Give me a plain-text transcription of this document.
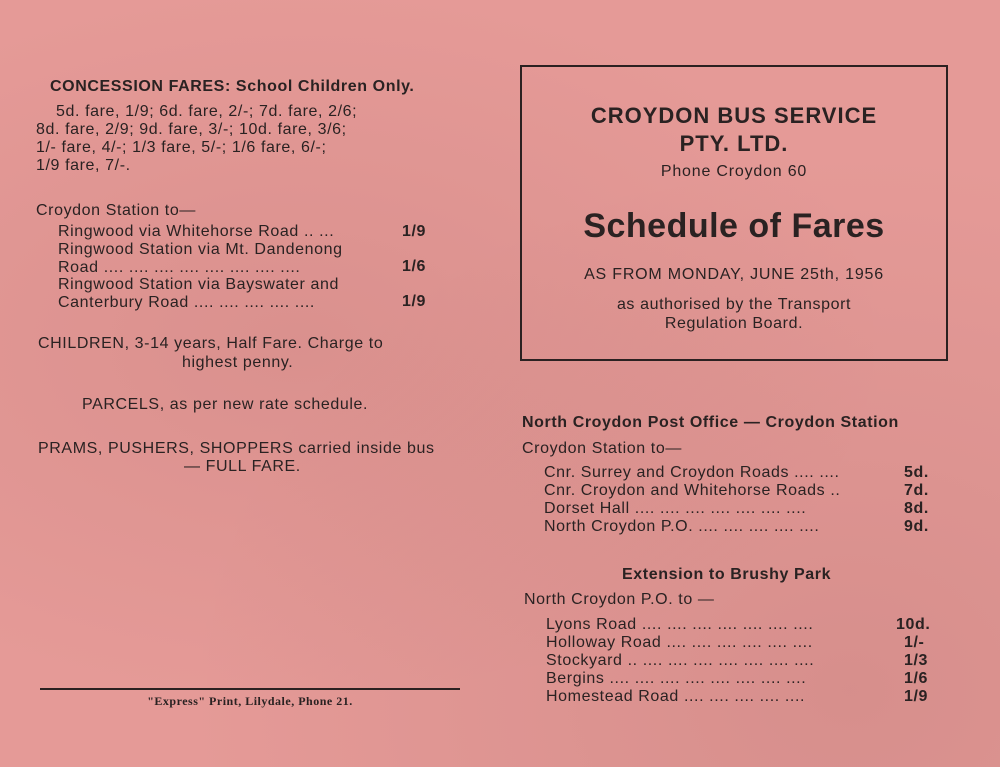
CONCESSION FARES: School Children Only.
5d. fare, 1/9; 6d. fare, 2/-; 7d. fare, 2/6;
8d. fare, 2/9; 9d. fare, 3/-; 10d. fare, 3/6;
1/- fare, 4/-; 1/3 fare, 5/-; 1/6 fare, 6/-;
1/9 fare, 7/-.
Croydon Station to—
Ringwood via Whitehorse Road .. ...	1/9
Ringwood Station via Mt. Dandenong
Road .... .... .... .... .... .... .... ....	1/6
Ringwood Station via Bayswater and
Canterbury Road .... .... .... .... ....	1/9
CHILDREN, 3-14 years, Half Fare. Charge to
highest penny.
PARCELS, as per new rate schedule.
PRAMS, PUSHERS, SHOPPERS carried inside bus
— FULL FARE.
"Express" Print, Lilydale, Phone 21.
CROYDON BUS SERVICE
PTY. LTD.
Phone Croydon 60
Schedule of Fares
AS FROM MONDAY, JUNE 25th, 1956
as authorised by the Transport
Regulation Board.
North Croydon Post Office — Croydon Station
Croydon Station to—
Cnr. Surrey and Croydon Roads .... ....	5d.
Cnr. Croydon and Whitehorse Roads ..	7d.
Dorset Hall .... .... .... .... .... .... ....	8d.
North Croydon P.O. .... .... .... .... ....	9d.
Extension to Brushy Park
North Croydon P.O. to —
Lyons Road .... .... .... .... .... .... ....	10d.
Holloway Road .... .... .... .... .... ....	1/-
Stockyard .. .... .... .... .... .... .... ....	1/3
Bergins .... .... .... .... .... .... .... ....	1/6
Homestead Road .... .... .... .... ....	1/9
